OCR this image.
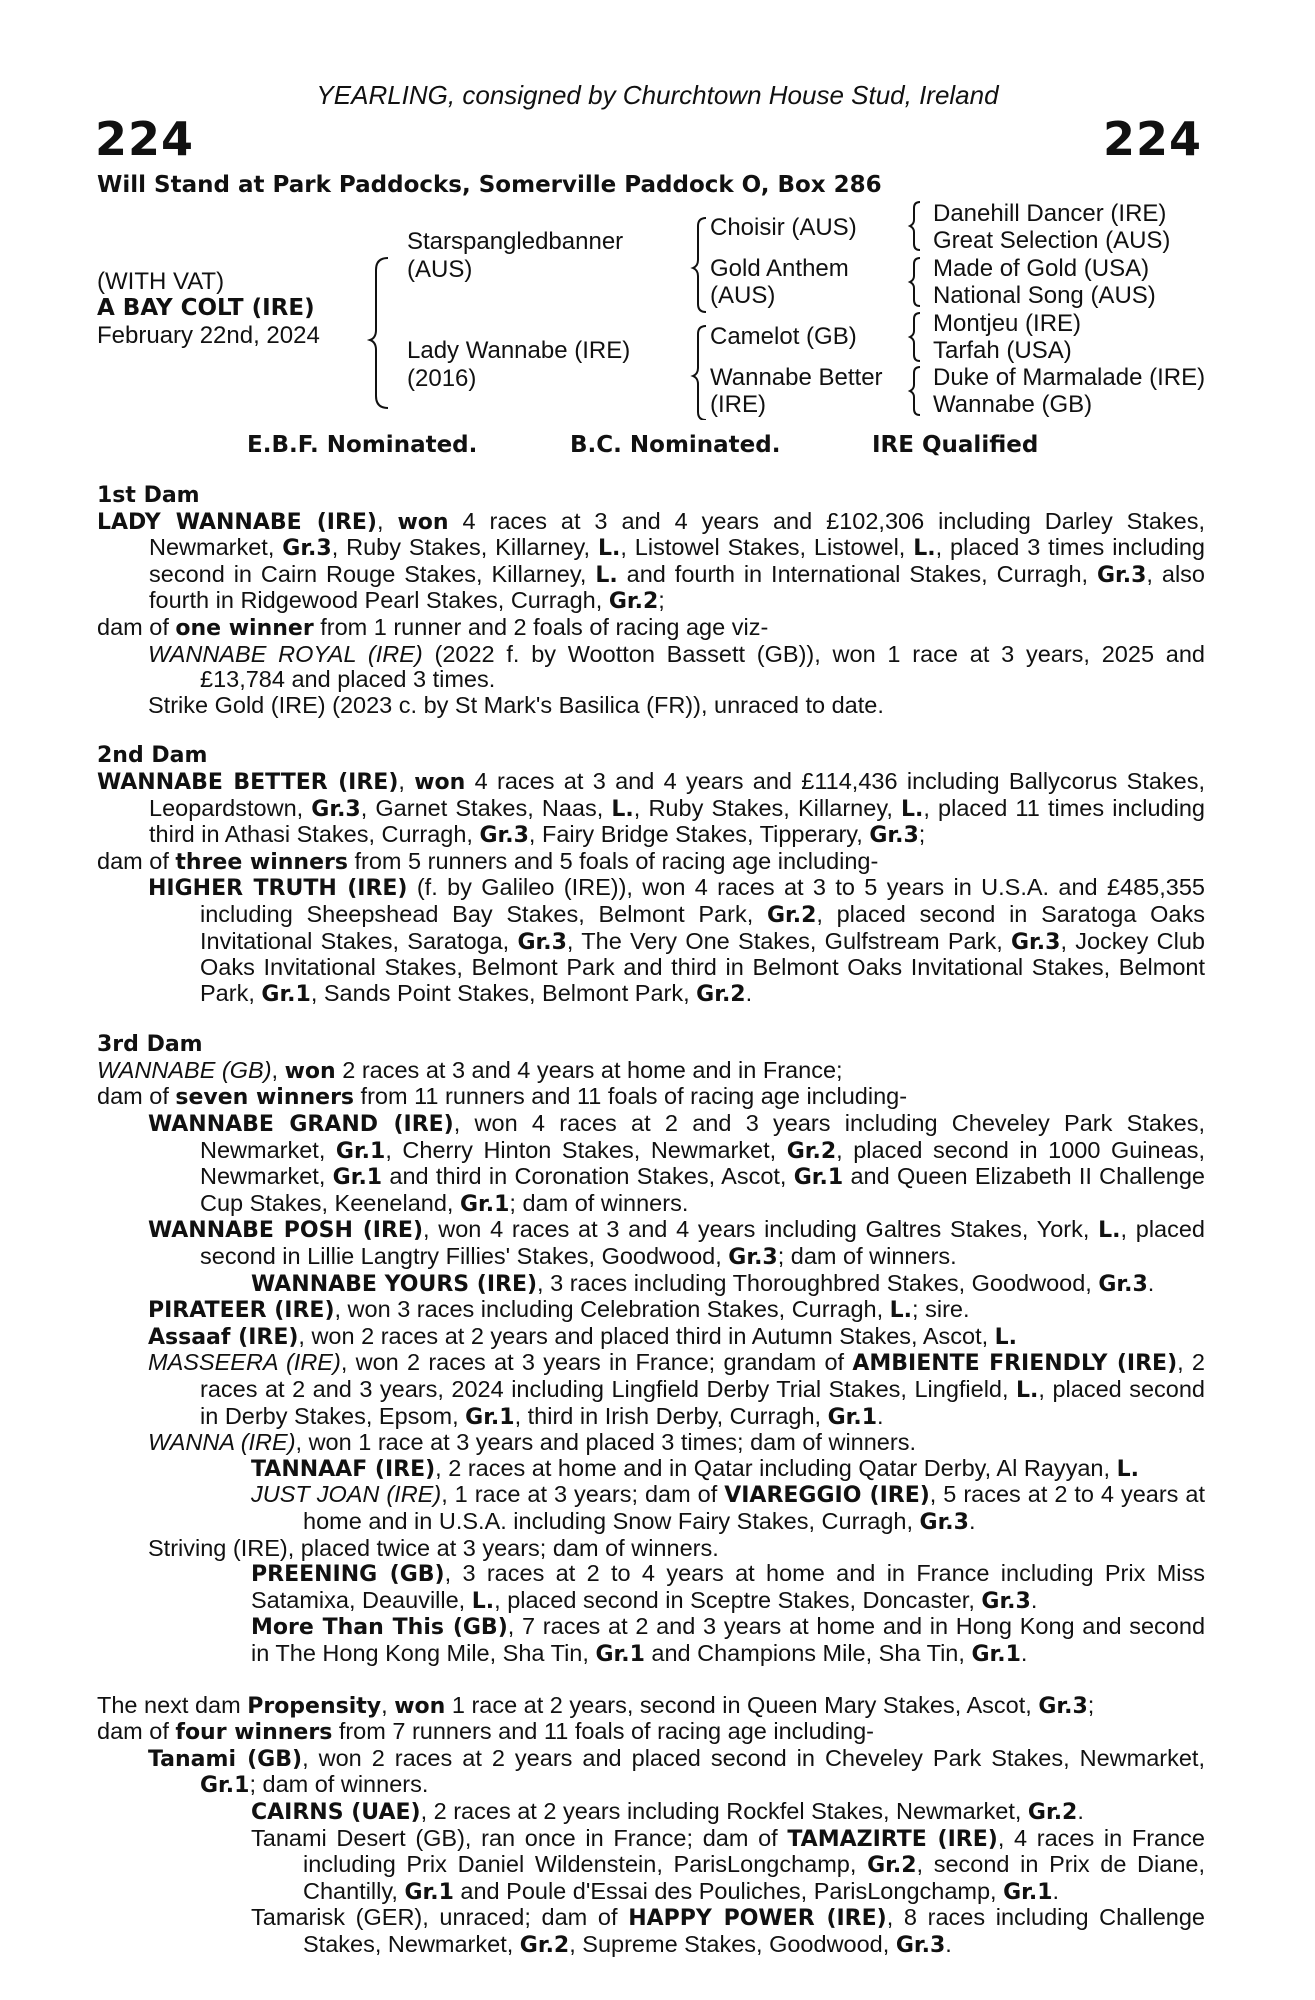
YEARLING, consigned by Churchtown House Stud, Ireland
224	224
Will Stand at Park Paddocks, Somerville Paddock O, Box 286
(WITH VAT)
A BAY COLT (IRE)
February 22nd, 2024
Starspangledbanner
(AUS)
Lady Wannabe (IRE)
(2016)
Choisir (AUS)
Gold Anthem
(AUS)
Camelot (GB)
Wannabe Better
(IRE)
Danehill Dancer (IRE)
Great Selection (AUS)
Made of Gold (USA)
National Song (AUS)
Montjeu (IRE)
Tarfah (USA)
Duke of Marmalade (IRE)
Wannabe (GB)
E.B.F. Nominated.	B.C. Nominated.	IRE Qualified

1st Dam

LADY WANNABE (IRE), won 4 races at 3 and 4 years and £102,306 including Darley Stakes, Newmarket, Gr.3, Ruby Stakes, Killarney, L., Listowel Stakes, Listowel, L., placed 3 times including second in Cairn Rouge Stakes, Killarney, L. and fourth in International Stakes, Curragh, Gr.3, also fourth in Ridgewood Pearl Stakes, Curragh, Gr.2;

dam of one winner from 1 runner and 2 foals of racing age viz-

WANNABE ROYAL (IRE) (2022 f. by Wootton Bassett (GB)), won 1 race at 3 years, 2025 and £13,784 and placed 3 times.

Strike Gold (IRE) (2023 c. by St Mark's Basilica (FR)), unraced to date.

2nd Dam

WANNABE BETTER (IRE), won 4 races at 3 and 4 years and £114,436 including Ballycorus Stakes, Leopardstown, Gr.3, Garnet Stakes, Naas, L., Ruby Stakes, Killarney, L., placed 11 times including third in Athasi Stakes, Curragh, Gr.3, Fairy Bridge Stakes, Tipperary, Gr.3;

dam of three winners from 5 runners and 5 foals of racing age including-

HIGHER TRUTH (IRE) (f. by Galileo (IRE)), won 4 races at 3 to 5 years in U.S.A. and £485,355 including Sheepshead Bay Stakes, Belmont Park, Gr.2, placed second in Saratoga Oaks Invitational Stakes, Saratoga, Gr.3, The Very One Stakes, Gulfstream Park, Gr.3, Jockey Club Oaks Invitational Stakes, Belmont Park and third in Belmont Oaks Invitational Stakes, Belmont Park, Gr.1, Sands Point Stakes, Belmont Park, Gr.2.

3rd Dam

WANNABE (GB), won 2 races at 3 and 4 years at home and in France;

dam of seven winners from 11 runners and 11 foals of racing age including-

WANNABE GRAND (IRE), won 4 races at 2 and 3 years including Cheveley Park Stakes, Newmarket, Gr.1, Cherry Hinton Stakes, Newmarket, Gr.2, placed second in 1000 Guineas, Newmarket, Gr.1 and third in Coronation Stakes, Ascot, Gr.1 and Queen Elizabeth II Challenge Cup Stakes, Keeneland, Gr.1; dam of winners.

WANNABE POSH (IRE), won 4 races at 3 and 4 years including Galtres Stakes, York, L., placed second in Lillie Langtry Fillies' Stakes, Goodwood, Gr.3; dam of winners.

WANNABE YOURS (IRE), 3 races including Thoroughbred Stakes, Goodwood, Gr.3.

PIRATEER (IRE), won 3 races including Celebration Stakes, Curragh, L.; sire.

Assaaf (IRE), won 2 races at 2 years and placed third in Autumn Stakes, Ascot, L.

MASSEERA (IRE), won 2 races at 3 years in France; grandam of AMBIENTE FRIENDLY (IRE), 2 races at 2 and 3 years, 2024 including Lingfield Derby Trial Stakes, Lingfield, L., placed second in Derby Stakes, Epsom, Gr.1, third in Irish Derby, Curragh, Gr.1.

WANNA (IRE), won 1 race at 3 years and placed 3 times; dam of winners.

TANNAAF (IRE), 2 races at home and in Qatar including Qatar Derby, Al Rayyan, L.

JUST JOAN (IRE), 1 race at 3 years; dam of VIAREGGIO (IRE), 5 races at 2 to 4 years at home and in U.S.A. including Snow Fairy Stakes, Curragh, Gr.3.

Striving (IRE), placed twice at 3 years; dam of winners.

PREENING (GB), 3 races at 2 to 4 years at home and in France including Prix Miss Satamixa, Deauville, L., placed second in Sceptre Stakes, Doncaster, Gr.3.

More Than This (GB), 7 races at 2 and 3 years at home and in Hong Kong and second in The Hong Kong Mile, Sha Tin, Gr.1 and Champions Mile, Sha Tin, Gr.1.

The next dam Propensity, won 1 race at 2 years, second in Queen Mary Stakes, Ascot, Gr.3;

dam of four winners from 7 runners and 11 foals of racing age including-

Tanami (GB), won 2 races at 2 years and placed second in Cheveley Park Stakes, Newmarket, Gr.1; dam of winners.

CAIRNS (UAE), 2 races at 2 years including Rockfel Stakes, Newmarket, Gr.2.

Tanami Desert (GB), ran once in France; dam of TAMAZIRTE (IRE), 4 races in France including Prix Daniel Wildenstein, ParisLongchamp, Gr.2, second in Prix de Diane, Chantilly, Gr.1 and Poule d'Essai des Pouliches, ParisLongchamp, Gr.1.

Tamarisk (GER), unraced; dam of HAPPY POWER (IRE), 8 races including Challenge Stakes, Newmarket, Gr.2, Supreme Stakes, Goodwood, Gr.3.
